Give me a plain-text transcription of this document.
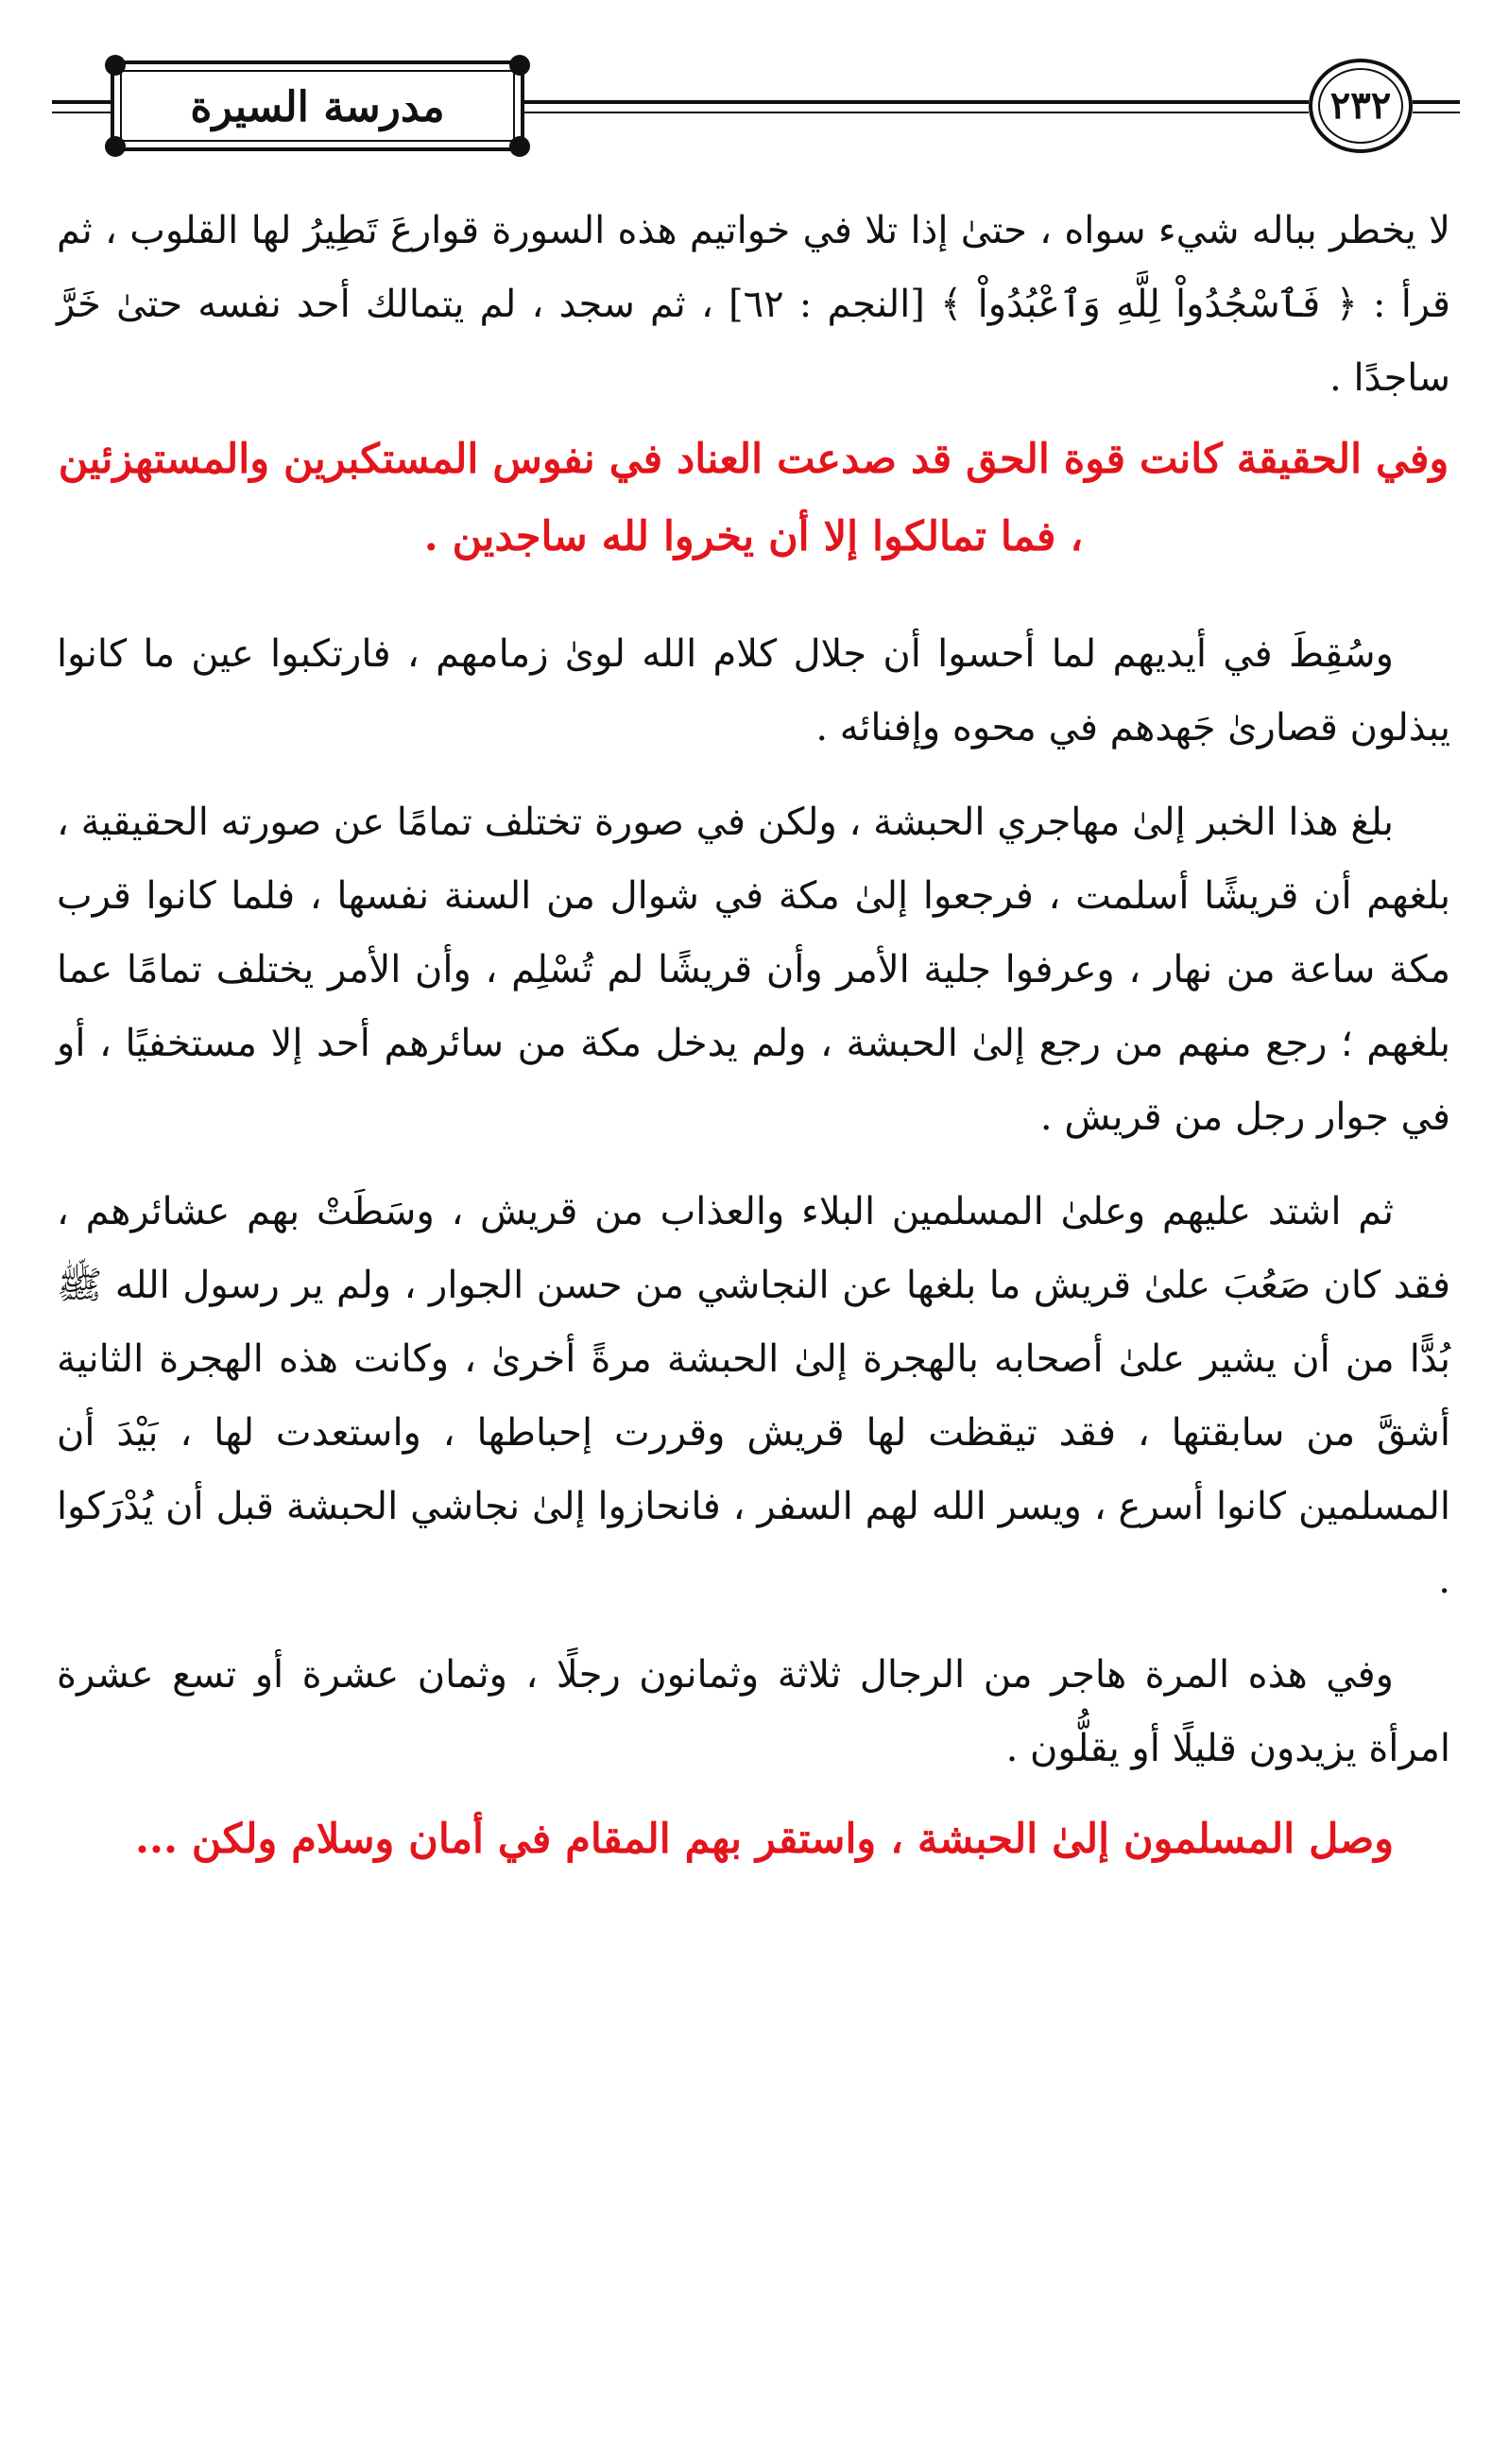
مدرسة السيرة	٢٣٢

لا يخطر بباله شيء سواه ، حتىٰ إذا تلا في خواتيم هذه السورة قوارعَ تَطِيرُ لها القلوب ، ثم قرأ : ﴿ فَٱسْجُدُواْ لِلَّهِ وَٱعْبُدُواْ ﴾ [النجم : ٦٢] ، ثم سجد ، لم يتمالك أحد نفسه حتىٰ خَرَّ ساجدًا .

وفي الحقيقة كانت قوة الحق قد صدعت العناد في نفوس المستكبرين والمستهزئين ، فما تمالكوا إلا أن يخروا لله ساجدين .

وسُقِطَ في أيديهم لما أحسوا أن جلال كلام الله لوىٰ زمامهم ، فارتكبوا عين ما كانوا يبذلون قصارىٰ جَهدهم في محوه وإفنائه .

بلغ هذا الخبر إلىٰ مهاجري الحبشة ، ولكن في صورة تختلف تمامًا عن صورته الحقيقية ، بلغهم أن قريشًا أسلمت ، فرجعوا إلىٰ مكة في شوال من السنة نفسها ، فلما كانوا قرب مكة ساعة من نهار ، وعرفوا جلية الأمر وأن قريشًا لم تُسْلِم ، وأن الأمر يختلف تمامًا عما بلغهم ؛ رجع منهم من رجع إلىٰ الحبشة ، ولم يدخل مكة من سائرهم أحد إلا مستخفيًا ، أو في جوار رجل من قريش .

ثم اشتد عليهم وعلىٰ المسلمين البلاء والعذاب من قريش ، وسَطَتْ بهم عشائرهم ، فقد كان صَعُبَ علىٰ قريش ما بلغها عن النجاشي من حسن الجوار ، ولم ير رسول الله ﷺ بُدًّا من أن يشير علىٰ أصحابه بالهجرة إلىٰ الحبشة مرةً أخرىٰ ، وكانت هذه الهجرة الثانية أشقَّ من سابقتها ، فقد تيقظت لها قريش وقررت إحباطها ، واستعدت لها ، بَيْدَ أن المسلمين كانوا أسرع ، ويسر الله لهم السفر ، فانحازوا إلىٰ نجاشي الحبشة قبل أن يُدْرَكوا .

وفي هذه المرة هاجر من الرجال ثلاثة وثمانون رجلًا ، وثمان عشرة أو تسع عشرة امرأة يزيدون قليلًا أو يقلُّون .

وصل المسلمون إلىٰ الحبشة ، واستقر بهم المقام في أمان وسلام ولكن ...
